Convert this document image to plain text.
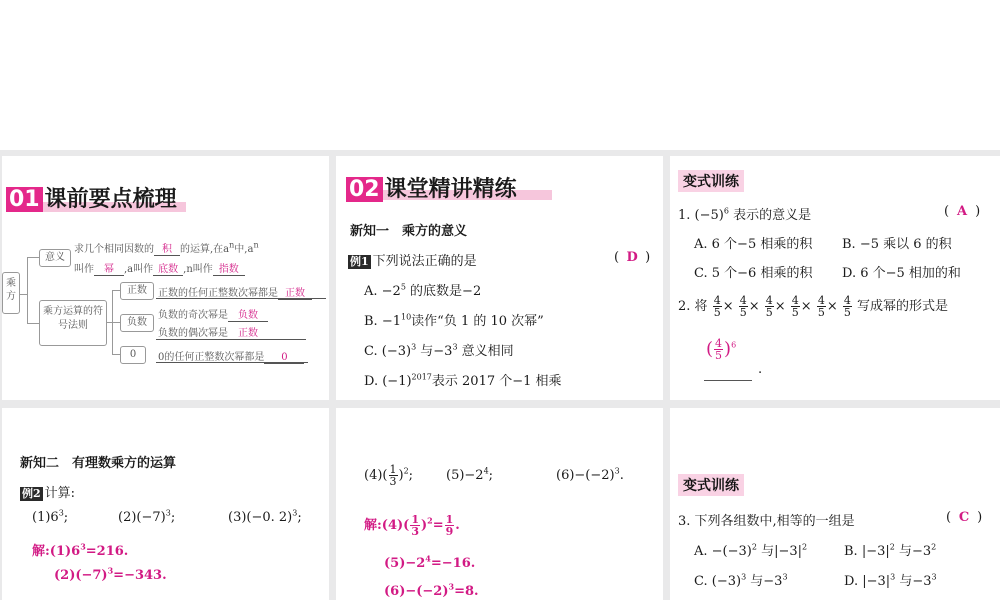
01 课前要点梳理
乘方
意义
求几个相同因数的 积 的运算,在$a^n$中$,a^n$
叫作 幂 ,a叫作 底数 ,n叫作 指数
乘方运算的符号法则
正数	正数的任何正整数次幂都是 正数
负数
负数的奇次幂是 负数
负数的偶次幂是 正数
0	0的任何正整数次幂都是 0
02 课堂精讲精练
新知一　乘方的意义
例1 下列说法正确的是	( D )
A. $-2^5$ 的底数是−2
B. $-1^{10}$读作“负 1 的 10 次幂”
C. $(-3)^3$ 与$-3^3$ 意义相同
D. $(-1)^{2017}$表示 2017 个−1 相乘
变式训练
1. $(-5)^6$ 表示的意义是	( A )
A. 6 个−5 相乘的积 B. −5 乘以 6 的积
C. 5 个−6 相乘的积 D. 6 个−5 相加的和
2. 将 $\frac{4}{5} \times \frac{4}{5} \times \frac{4}{5} \times \frac{4}{5} \times \frac{4}{5} \times \frac{4}{5}$ 写成幂的形式是
( $\frac{4}{5} )^6$
.
新知二　有理数乘方的运算
例2 计算:
$(1)6^3$;	$(2)(-7)^3$;	(3)(−0. 2)$^3$;
解$:(1)6^3=216$.
$(2)(-7)^3=-343$.
$(4)( \frac{1}{3} )^2$;	$(5)-2^4$;	$(6)-(-2)^3$.
解:(4)( $\frac{1}{3} )^2= \frac{1}{9}$ .
$(5)-2^4=-16$.
$(6)-(-2)^3=8$.
变式训练
3. 下列各组数中,相等的一组是	( C )
A. $-(-3)^2$ 与$|-3|^2$	B. $|-3|^2$ 与$-3^2$
C. $(-3)^3$ 与$-3^3$	D. $|-3|^3$ 与$-3^3$
